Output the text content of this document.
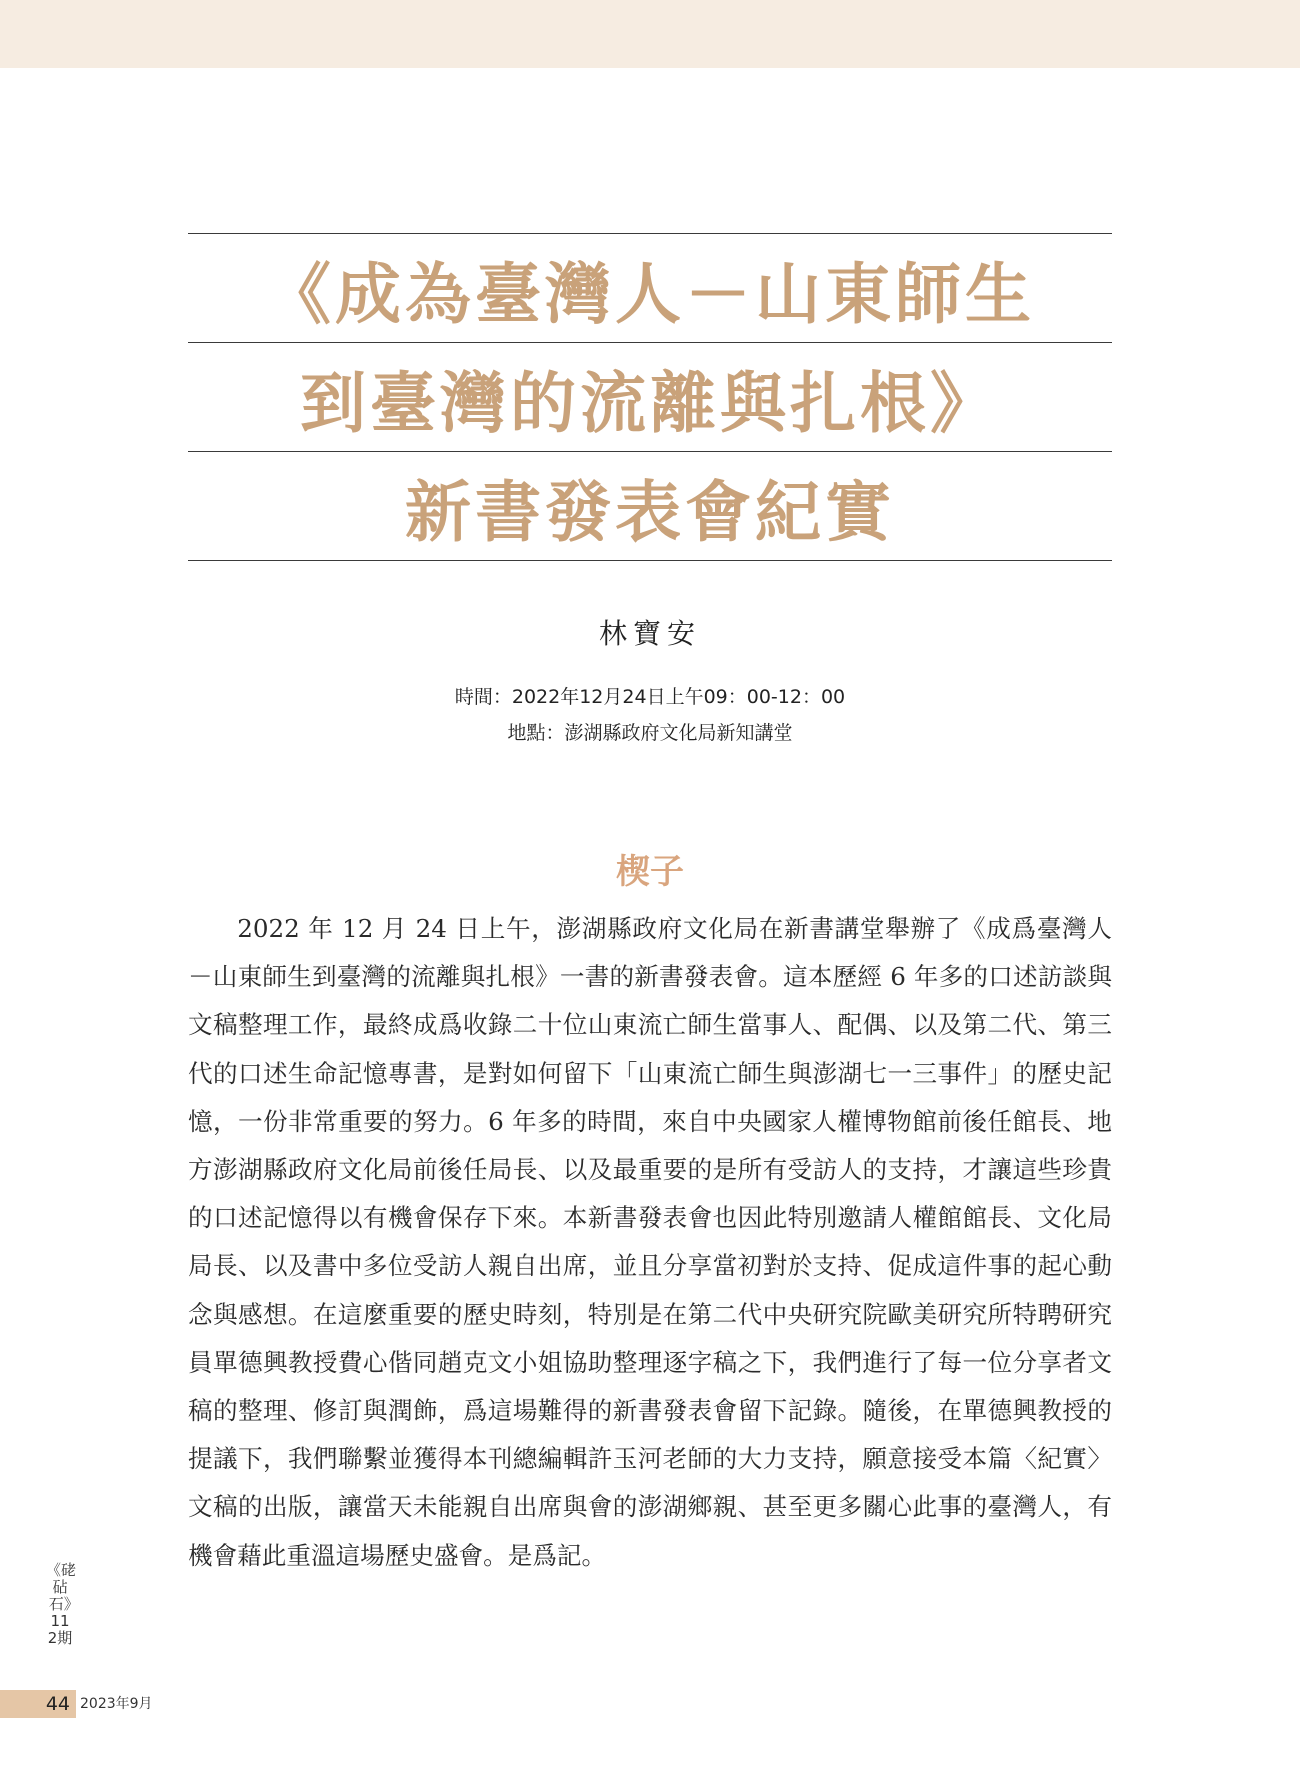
《成為臺灣人－山東師生
到臺灣的流離與扎根》
新書發表會紀實
林寶安
時間：2022年12月24日上午09：00-12：00
地點：澎湖縣政府文化局新知講堂
楔子
2022 年 12 月 24 日上午，澎湖縣政府文化局在新書講堂舉辦了《成爲臺灣人－山東師生到臺灣的流離與扎根》一書的新書發表會。這本歷經 6 年多的口述訪談與文稿整理工作，最終成爲收錄二十位山東流亡師生當事人、配偶、以及第二代、第三代的口述生命記憶專書，是對如何留下「山東流亡師生與澎湖七一三事件」的歷史記憶，一份非常重要的努力。6 年多的時間，來自中央國家人權博物館前後任館長、地方澎湖縣政府文化局前後任局長、以及最重要的是所有受訪人的支持，才讓這些珍貴的口述記憶得以有機會保存下來。本新書發表會也因此特別邀請人權館館長、文化局局長、以及書中多位受訪人親自出席，並且分享當初對於支持、促成這件事的起心動念與感想。在這麼重要的歷史時刻，特別是在第二代中央研究院歐美研究所特聘研究員單德興教授費心偕同趙克文小姐協助整理逐字稿之下，我們進行了每一位分享者文稿的整理、修訂與潤飾，爲這場難得的新書發表會留下記錄。隨後，在單德興教授的提議下，我們聯繫並獲得本刊總編輯許玉河老師的大力支持，願意接受本篇〈紀實〉文稿的出版，讓當天未能親自出席與會的澎湖鄉親、甚至更多關心此事的臺灣人，有機會藉此重溫這場歷史盛會。是爲記。
《硓砧石》112期
44 2023年9月
